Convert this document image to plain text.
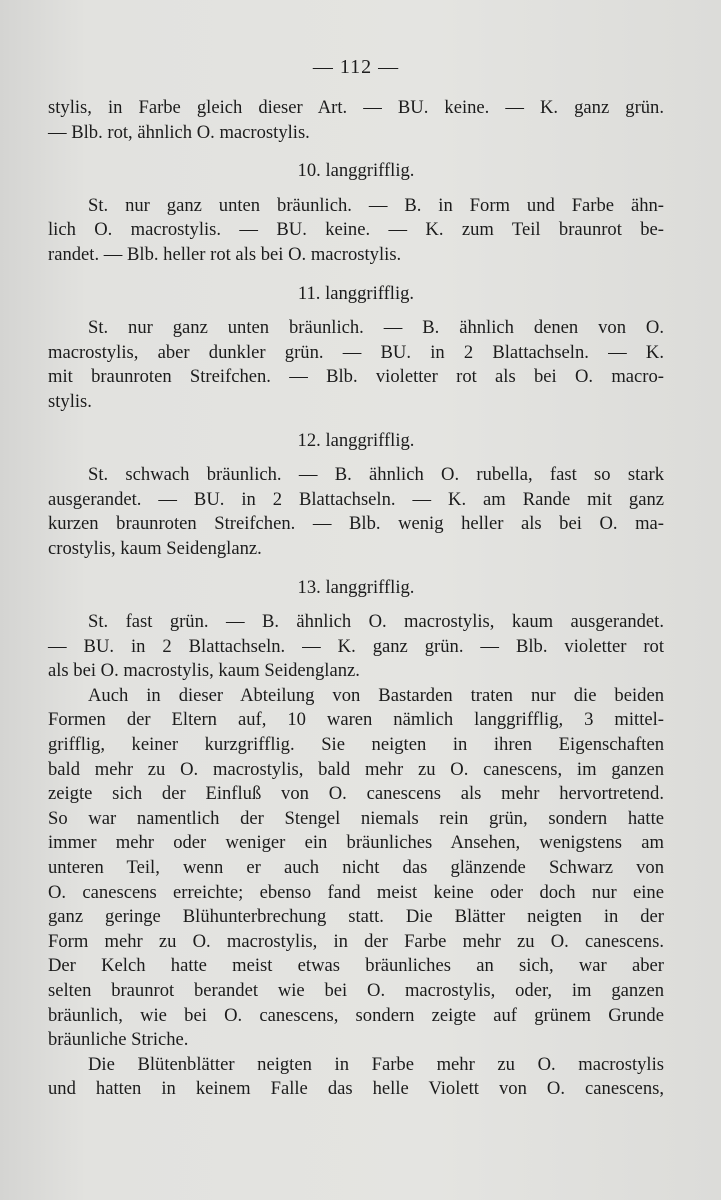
— 112 —
stylis, in Farbe gleich dieser Art. — BU. keine. — K. ganz grün.
— Blb. rot, ähnlich O. macrostylis.
10. langgrifflig.
St. nur ganz unten bräunlich. — B. in Form und Farbe ähn-
lich O. macrostylis. — BU. keine. — K. zum Teil braunrot be-
randet. — Blb. heller rot als bei O. macrostylis.
11. langgrifflig.
St. nur ganz unten bräunlich. — B. ähnlich denen von O.
macrostylis, aber dunkler grün. — BU. in 2 Blattachseln. — K.
mit braunroten Streifchen. — Blb. violetter rot als bei O. macro-
stylis.
12. langgrifflig.
St. schwach bräunlich. — B. ähnlich O. rubella, fast so stark
ausgerandet. — BU. in 2 Blattachseln. — K. am Rande mit ganz
kurzen braunroten Streifchen. — Blb. wenig heller als bei O. ma-
crostylis, kaum Seidenglanz.
13. langgrifflig.
St. fast grün. — B. ähnlich O. macrostylis, kaum ausgerandet.
— BU. in 2 Blattachseln. — K. ganz grün. — Blb. violetter rot
als bei O. macrostylis, kaum Seidenglanz.
Auch in dieser Abteilung von Bastarden traten nur die beiden
Formen der Eltern auf, 10 waren nämlich langgrifflig, 3 mittel-
grifflig, keiner kurzgrifflig. Sie neigten in ihren Eigenschaften
bald mehr zu O. macrostylis, bald mehr zu O. canescens, im ganzen
zeigte sich der Einfluß von O. canescens als mehr hervortretend.
So war namentlich der Stengel niemals rein grün, sondern hatte
immer mehr oder weniger ein bräunliches Ansehen, wenigstens am
unteren Teil, wenn er auch nicht das glänzende Schwarz von
O. canescens erreichte; ebenso fand meist keine oder doch nur eine
ganz geringe Blühunterbrechung statt. Die Blätter neigten in der
Form mehr zu O. macrostylis, in der Farbe mehr zu O. canescens.
Der Kelch hatte meist etwas bräunliches an sich, war aber
selten braunrot berandet wie bei O. macrostylis, oder, im ganzen
bräunlich, wie bei O. canescens, sondern zeigte auf grünem Grunde
bräunliche Striche.
Die Blütenblätter neigten in Farbe mehr zu O. macrostylis
und hatten in keinem Falle das helle Violett von O. canescens,
